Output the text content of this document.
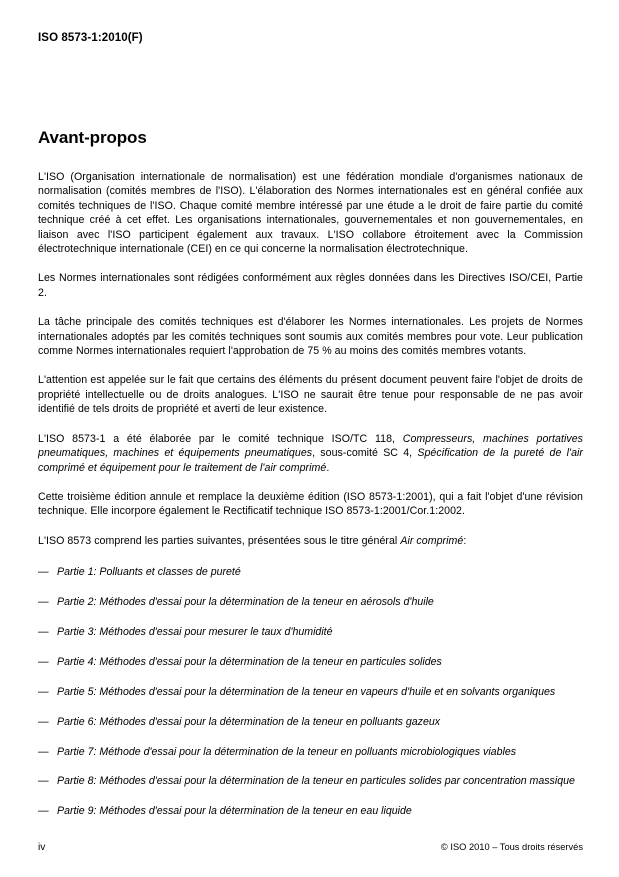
ISO 8573-1:2010(F)
Avant-propos

L'ISO (Organisation internationale de normalisation) est une fédération mondiale d'organismes nationaux de normalisation (comités membres de l'ISO). L'élaboration des Normes internationales est en général confiée aux comités techniques de l'ISO. Chaque comité membre intéressé par une étude a le droit de faire partie du comité technique créé à cet effet. Les organisations internationales, gouvernementales et non gouvernementales, en liaison avec l'ISO participent également aux travaux. L'ISO collabore étroitement avec la Commission électrotechnique internationale (CEI) en ce qui concerne la normalisation électrotechnique.

Les Normes internationales sont rédigées conformément aux règles données dans les Directives ISO/CEI, Partie 2.

La tâche principale des comités techniques est d'élaborer les Normes internationales. Les projets de Normes internationales adoptés par les comités techniques sont soumis aux comités membres pour vote. Leur publication comme Normes internationales requiert l'approbation de 75 % au moins des comités membres votants.

L'attention est appelée sur le fait que certains des éléments du présent document peuvent faire l'objet de droits de propriété intellectuelle ou de droits analogues. L'ISO ne saurait être tenue pour responsable de ne pas avoir identifié de tels droits de propriété et averti de leur existence.

L'ISO 8573-1 a été élaborée par le comité technique ISO/TC 118, Compresseurs, machines portatives pneumatiques, machines et équipements pneumatiques, sous-comité SC 4, Spécification de la pureté de l'air comprimé et équipement pour le traitement de l'air comprimé.

Cette troisième édition annule et remplace la deuxième édition (ISO 8573-1:2001), qui a fait l'objet d'une révision technique. Elle incorpore également le Rectificatif technique ISO 8573-1:2001/Cor.1:2002.

L'ISO 8573 comprend les parties suivantes, présentées sous le titre général Air comprimé:

— Partie 1: Polluants et classes de pureté
— Partie 2: Méthodes d'essai pour la détermination de la teneur en aérosols d'huile
— Partie 3: Méthodes d'essai pour mesurer le taux d'humidité
— Partie 4: Méthodes d'essai pour la détermination de la teneur en particules solides
— Partie 5: Méthodes d'essai pour la détermination de la teneur en vapeurs d'huile et en solvants organiques
— Partie 6: Méthodes d'essai pour la détermination de la teneur en polluants gazeux
— Partie 7: Méthode d'essai pour la détermination de la teneur en polluants microbiologiques viables
— Partie 8: Méthodes d'essai pour la détermination de la teneur en particules solides par concentration massique
— Partie 9: Méthodes d'essai pour la détermination de la teneur en eau liquide
iv	© ISO 2010 – Tous droits réservés
